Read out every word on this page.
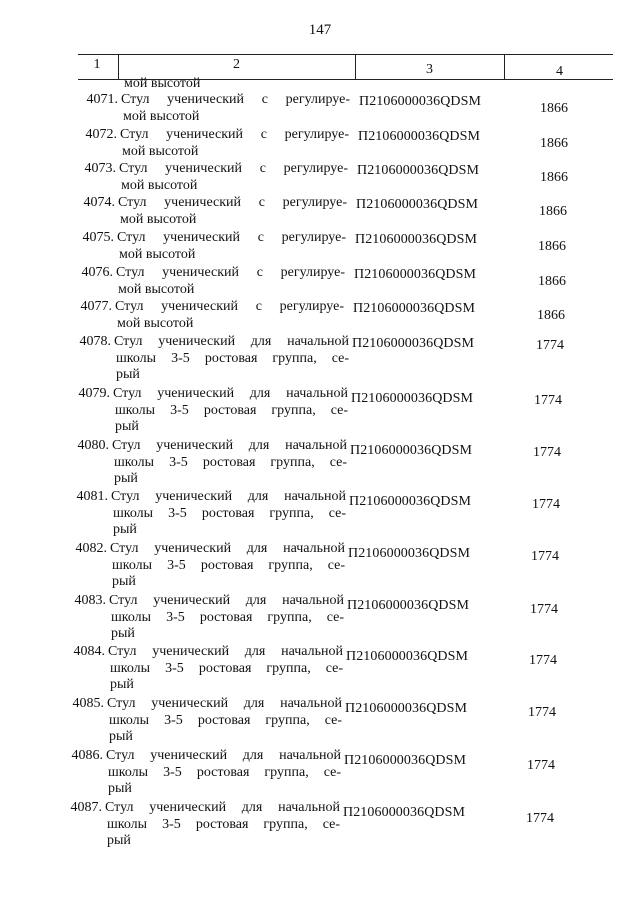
147
1	2	3	4
мой высотой
4071. Стул ученический с регулируе-
мой высотой
П2106000036QDSM	1866
4072. Стул ученический с регулируе-
мой высотой
П2106000036QDSM	1866
4073. Стул ученический с регулируе-
мой высотой
П2106000036QDSM	1866
4074. Стул ученический с регулируе-
мой высотой
П2106000036QDSM	1866
4075. Стул ученический с регулируе-
мой высотой
П2106000036QDSM	1866
4076. Стул ученический с регулируе-
мой высотой
П2106000036QDSM	1866
4077. Стул ученический с регулируе-
мой высотой
П2106000036QDSM	1866
4078. Стул ученический для начальной
школы 3-5 ростовая группа, се-
рый
П2106000036QDSM	1774
4079. Стул ученический для начальной
школы 3-5 ростовая группа, се-
рый
П2106000036QDSM	1774
4080. Стул ученический для начальной
школы 3-5 ростовая группа, се-
рый
П2106000036QDSM	1774
4081. Стул ученический для начальной
школы 3-5 ростовая группа, се-
рый
П2106000036QDSM	1774
4082. Стул ученический для начальной
школы 3-5 ростовая группа, се-
рый
П2106000036QDSM	1774
4083. Стул ученический для начальной
школы 3-5 ростовая группа, се-
рый
П2106000036QDSM	1774
4084. Стул ученический для начальной
школы 3-5 ростовая группа, се-
рый
П2106000036QDSM	1774
4085. Стул ученический для начальной
школы 3-5 ростовая группа, се-
рый
П2106000036QDSM	1774
4086. Стул ученический для начальной
школы 3-5 ростовая группа, се-
рый
П2106000036QDSM	1774
4087. Стул ученический для начальной
школы 3-5 ростовая группа, се-
рый
П2106000036QDSM	1774
